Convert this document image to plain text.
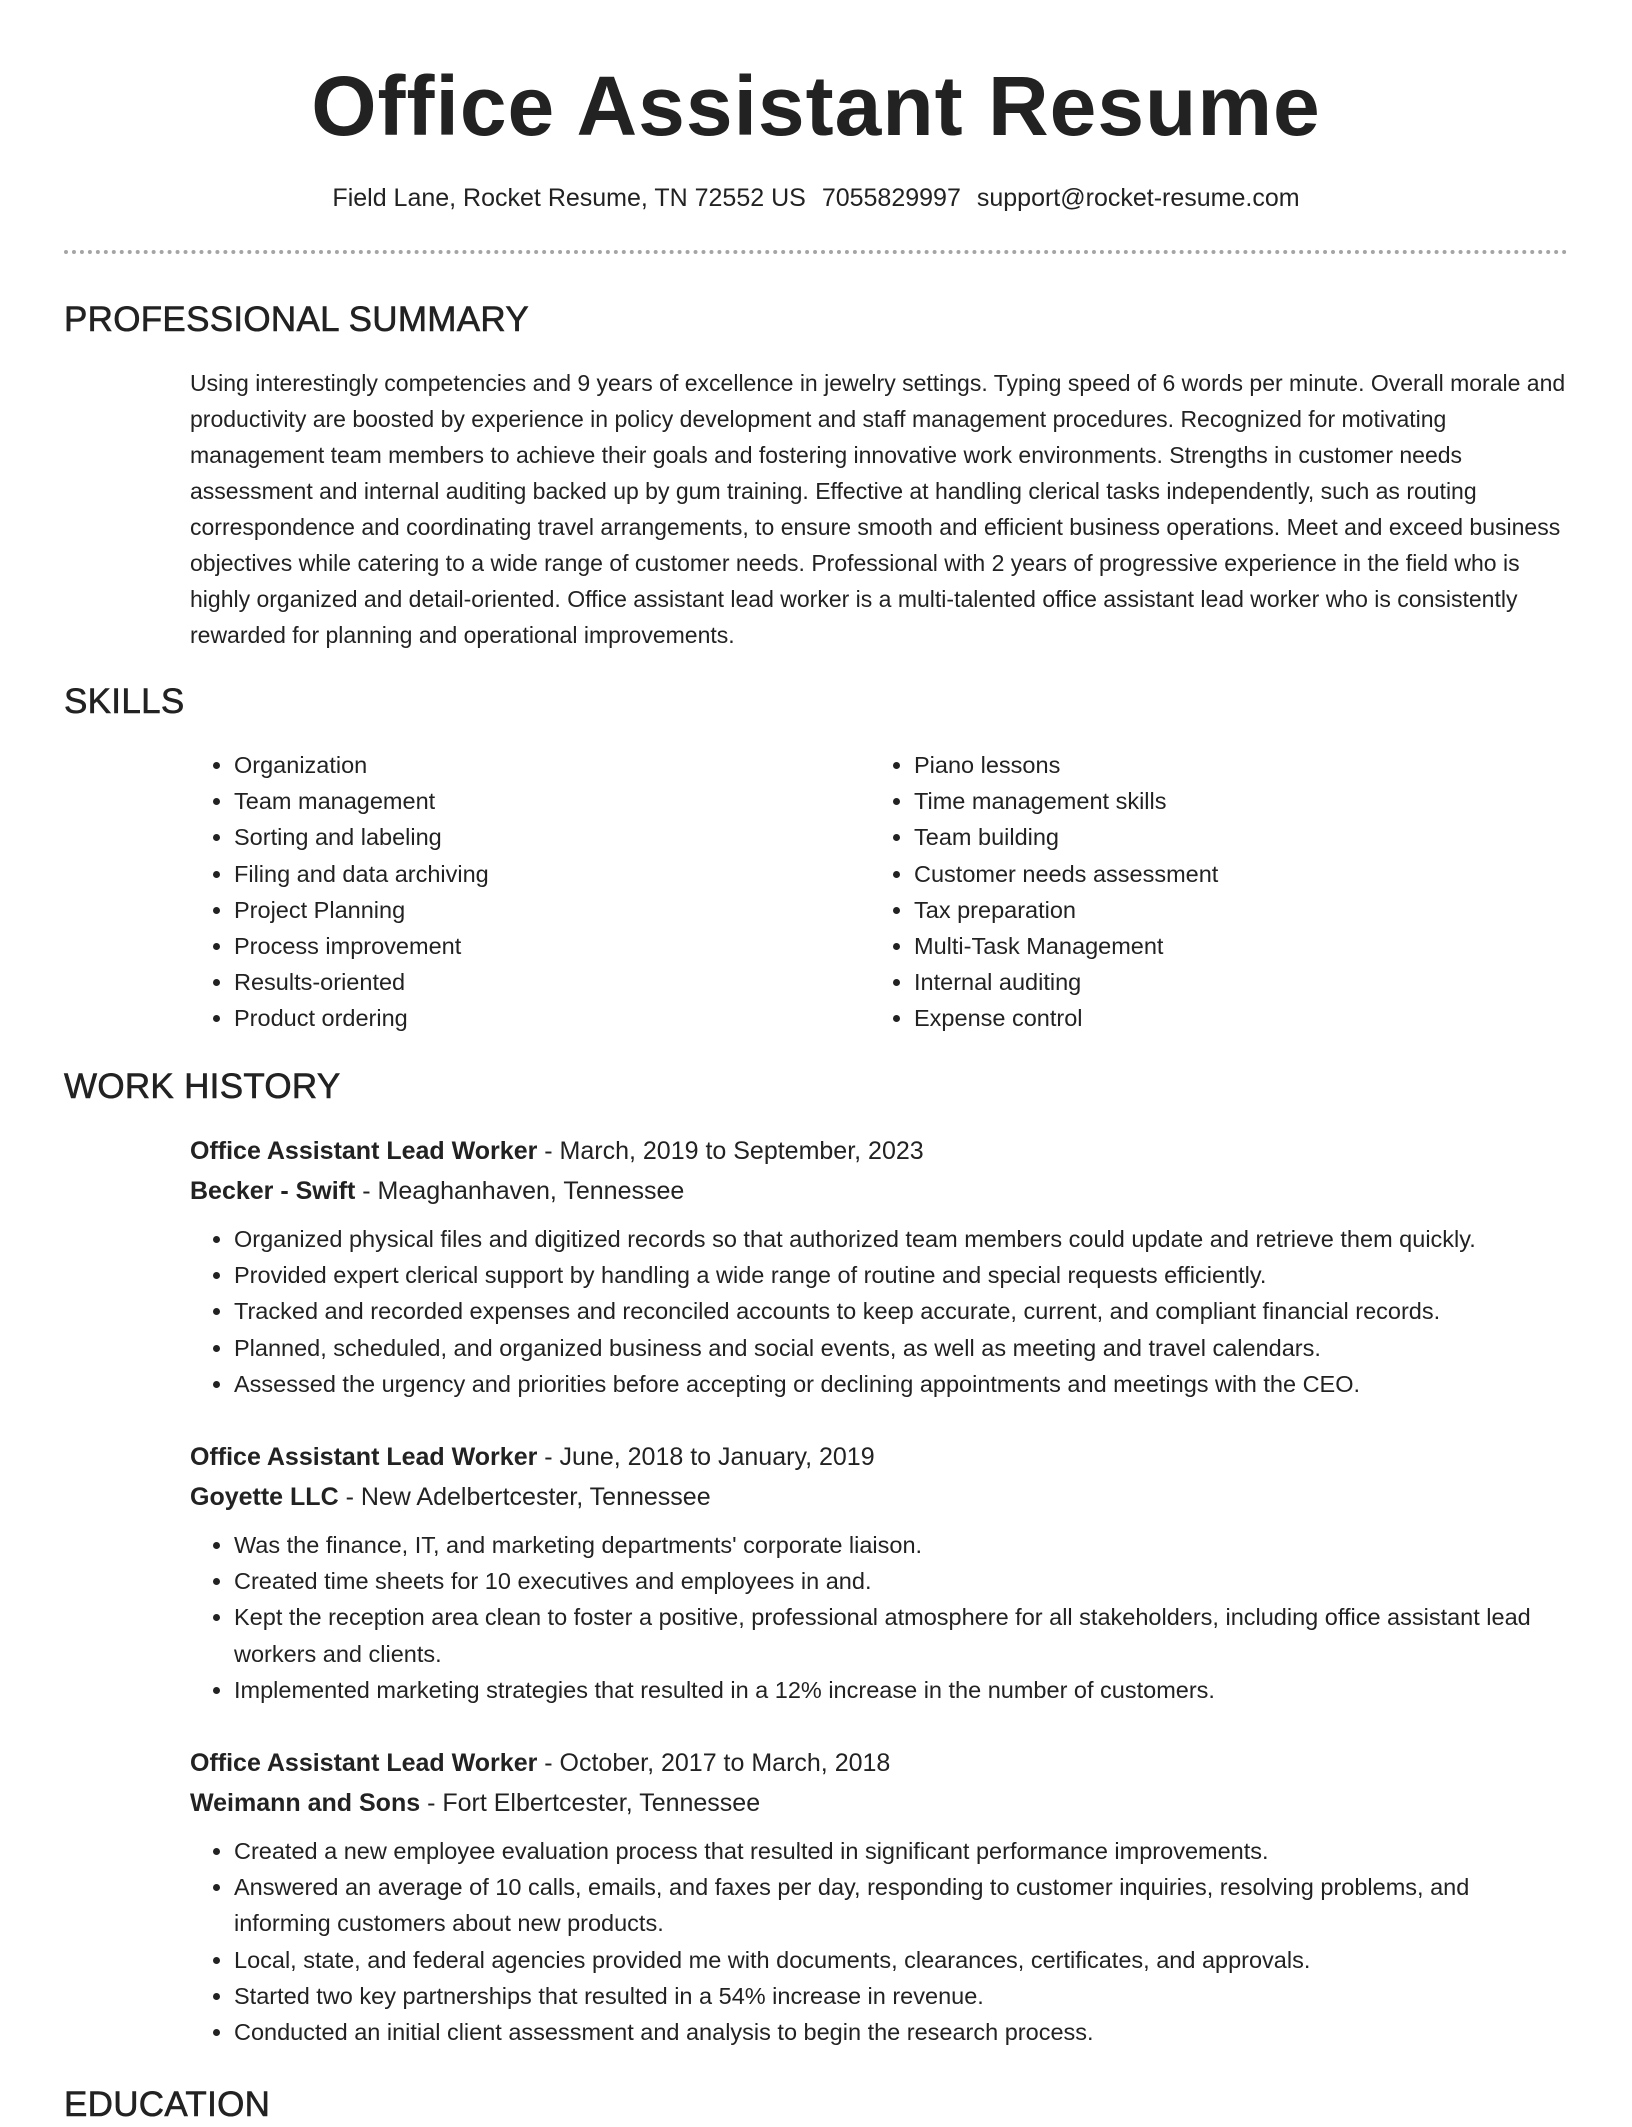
Office Assistant Resume
Field Lane, Rocket Resume, TN 72552 US 7055829997 support@rocket-resume.com
PROFESSIONAL SUMMARY

Using interestingly competencies and 9 years of excellence in jewelry settings. Typing speed of 6 words per minute. Overall morale and productivity are boosted by experience in policy development and staff management procedures. Recognized for motivating management team members to achieve their goals and fostering innovative work environments. Strengths in customer needs assessment and internal auditing backed up by gum training. Effective at handling clerical tasks independently, such as routing correspondence and coordinating travel arrangements, to ensure smooth and efficient business operations. Meet and exceed business objectives while catering to a wide range of customer needs. Professional with 2 years of progressive experience in the field who is highly organized and detail-oriented. Office assistant lead worker is a multi-talented office assistant lead worker who is consistently rewarded for planning and operational improvements.

SKILLS
• Organization
• Team management
• Sorting and labeling
• Filing and data archiving
• Project Planning
• Process improvement
• Results-oriented
• Product ordering
• Piano lessons
• Time management skills
• Team building
• Customer needs assessment
• Tax preparation
• Multi-Task Management
• Internal auditing
• Expense control
WORK HISTORY
Office Assistant Lead Worker - March, 2019 to September, 2023
Becker - Swift - Meaghanhaven, Tennessee
• Organized physical files and digitized records so that authorized team members could update and retrieve them quickly.
• Provided expert clerical support by handling a wide range of routine and special requests efficiently.
• Tracked and recorded expenses and reconciled accounts to keep accurate, current, and compliant financial records.
• Planned, scheduled, and organized business and social events, as well as meeting and travel calendars.
• Assessed the urgency and priorities before accepting or declining appointments and meetings with the CEO.
Office Assistant Lead Worker - June, 2018 to January, 2019
Goyette LLC - New Adelbertcester, Tennessee
• Was the finance, IT, and marketing departments' corporate liaison.
• Created time sheets for 10 executives and employees in and.
• Kept the reception area clean to foster a positive, professional atmosphere for all stakeholders, including office assistant lead workers and clients.
• Implemented marketing strategies that resulted in a 12% increase in the number of customers.
Office Assistant Lead Worker - October, 2017 to March, 2018
Weimann and Sons - Fort Elbertcester, Tennessee
• Created a new employee evaluation process that resulted in significant performance improvements.
• Answered an average of 10 calls, emails, and faxes per day, responding to customer inquiries, resolving problems, and informing customers about new products.
• Local, state, and federal agencies provided me with documents, clearances, certificates, and approvals.
• Started two key partnerships that resulted in a 54% increase in revenue.
• Conducted an initial client assessment and analysis to begin the research process.
EDUCATION
